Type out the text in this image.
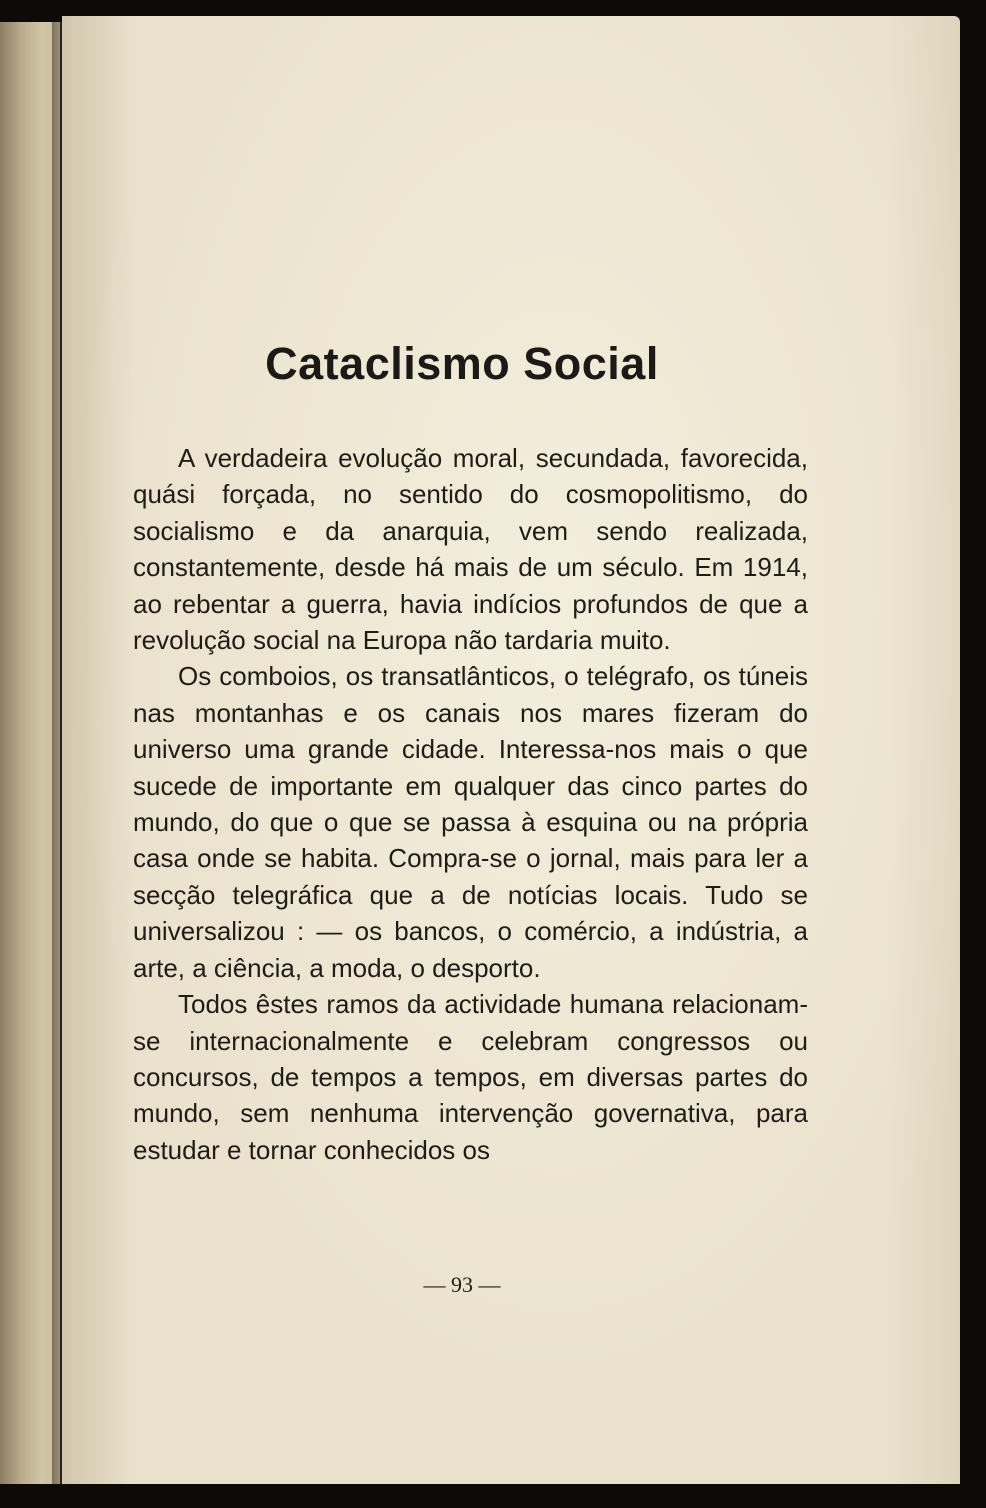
Cataclismo Social

A verdadeira evolução moral, secundada, favorecida, quási forçada, no sentido do cosmopolitismo, do socialismo e da anarquia, vem sendo realizada, constantemente, desde há mais de um século. Em 1914, ao rebentar a guerra, havia indícios profundos de que a revolução social na Europa não tardaria muito.

Os comboios, os transatlânticos, o telégrafo, os túneis nas montanhas e os canais nos mares fizeram do universo uma grande cidade. Interessa-nos mais o que sucede de importante em qualquer das cinco partes do mundo, do que o que se passa à esquina ou na própria casa onde se habita. Compra-se o jornal, mais para ler a secção telegráfica que a de notícias locais. Tudo se universalizou : — os bancos, o comércio, a indústria, a arte, a ciência, a moda, o desporto.

Todos êstes ramos da actividade humana relacionam-se internacionalmente e celebram congressos ou concursos, de tempos a tempos, em diversas partes do mundo, sem nenhuma intervenção governativa, para estudar e tornar conhecidos os

— 93 —
